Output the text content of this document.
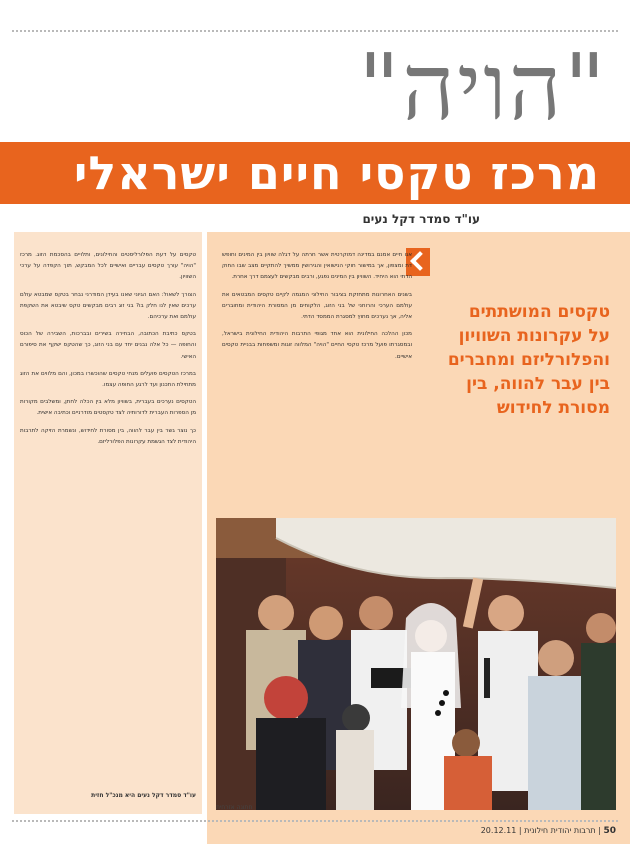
"הויה"
מרכז טקסי חיים ישראלי
עו"ד סמדר דקל נעים

אנו חיים אמנם במדינה דמוקרטית אשר חרתה על דגלה שוויון בין המינים וחופש דת ומצפון, אך במישור חוקי הנישואין והגירושין ממשיך להתקיים מצב שבו החוק הדתי הוא היחיד. השוויון בין המינים נפגע, ורבים מבקשים לעצמם דרך אחרת.

בשנים האחרונות מתחזקת בציבור החילוני המגמה לקיים טקסים המבטאים את עולמם הערכי והרוחני של בני הזוג, הלקוחים מן המסורת היהודית ומחוברים אליה, אך נערכים מחוץ למסגרת הממסד הדתי.

מכון ההלכה החילונית הוא אחד מגופי התרבות היהודית החילונית בישראל, ובמסגרתו פועל מרכז טקסי החיים "הויה" המלווה זוגות ומשפחות בבניית טקסים אישיים.

טקסים המושתתים על עקרונות השוויון והפלורליזם ומחברים בין עבר להווה, בין מסורת לחידוש

טקסים על דעת הפלורליסטים והחילונים, ותלויים בהסכמת הזוג. מרכז "הויה" עורך טקסים עבריים ואישיים לכל המבקש, תוך הקפדה על ערכי השוויון.

הצורך לשאול: האם הגיוני שאנו בעידן המודרני נבחר בטקס שמבטא עולם ערכים שאין לנו חלק בו? בני זוג רבים מבקשים טקס שיבטא את השקפת עולמם ואת ערכיהם.

בטקס כתיבת הכתובה, הבחירה בשירים ובברכות, השבירה של הכוס והחופה — כל אלה נבנים יחד עם בני הזוג, כך שהטקס ישקף את סיפורם האישי.

במרכז הטקסים פועלים מנחי טקסים שהוכשרו במכון, והם מלווים את הזוג מתחילת התכנון ועד לרגע החופה עצמו.

הטקסים נערכים בעברית, בשוויון מלא בין הכלה לחתן, ומשלבים מקורות מן הספרות העברית לדורותיה לצד טקסטים מודרניים וכתיבה אישית.

כך נוצר גשר בין עבר להווה, בין מסורת לחידוש, ונשמרת הזיקה לתרבות היהודית לצד הגשמת עקרונות הפלורליזם.

עו"ד סמדר דקל נעים היא מנכ"ל חזית
חתונה אזרחית
50 | תרבות יהודית חילונית | 20.12.11
